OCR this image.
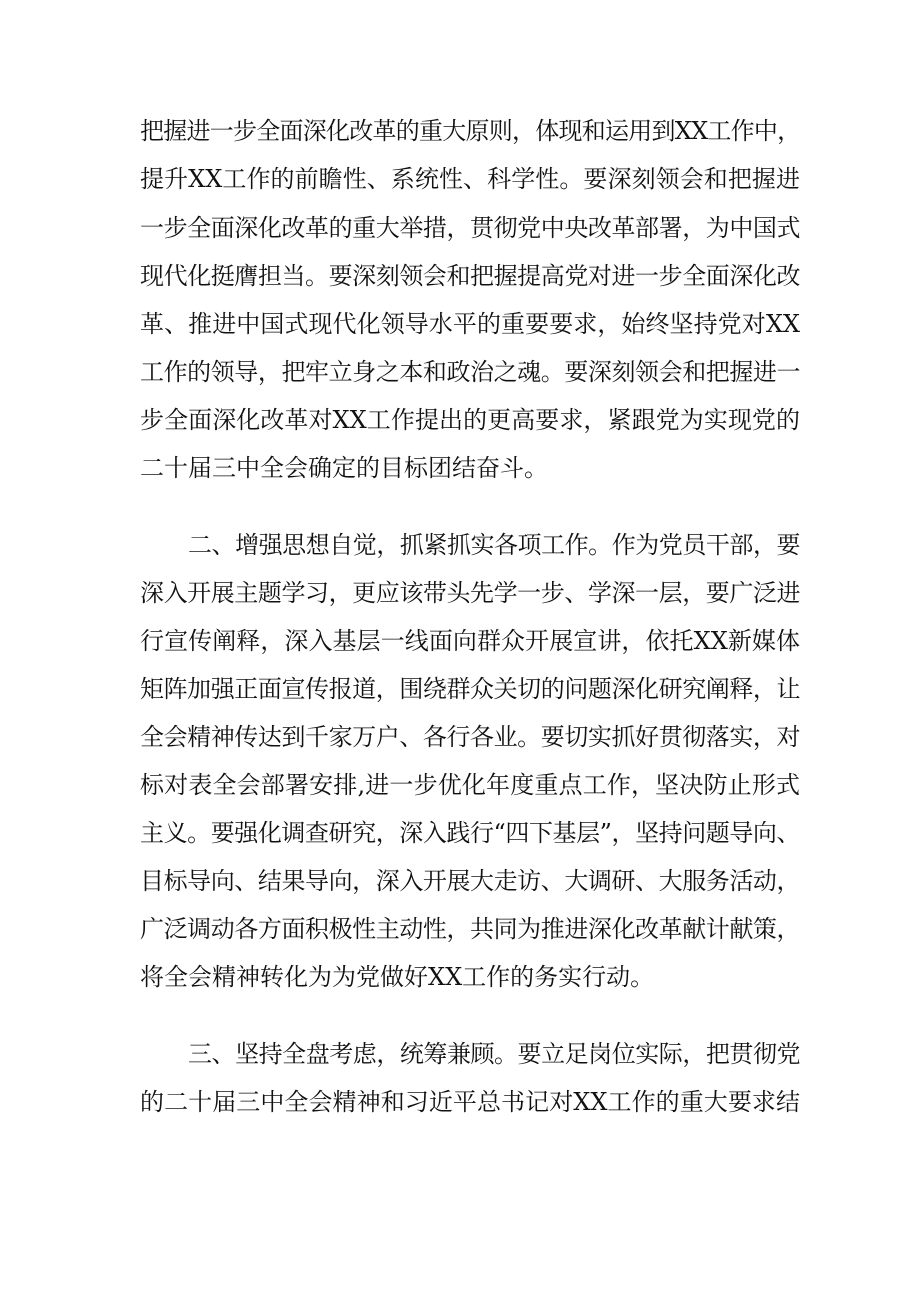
把握进一步全面深化改革的重大原则，体现和运用到XX工作中，
提升XX工作的前瞻性、系统性、科学性。要深刻领会和把握进
一步全面深化改革的重大举措，贯彻党中央改革部署，为中国式
现代化挺膺担当。要深刻领会和把握提高党对进一步全面深化改
革、推进中国式现代化领导水平的重要要求，始终坚持党对XX
工作的领导，把牢立身之本和政治之魂。要深刻领会和把握进一
步全面深化改革对XX工作提出的更高要求，紧跟党为实现党的
二十届三中全会确定的目标团结奋斗。
二、增强思想自觉，抓紧抓实各项工作。作为党员干部，要
深入开展主题学习，更应该带头先学一步、学深一层，要广泛进
行宣传阐释，深入基层一线面向群众开展宣讲，依托XX新媒体
矩阵加强正面宣传报道，围绕群众关切的问题深化研究阐释，让
全会精神传达到千家万户、各行各业。要切实抓好贯彻落实，对
标对表全会部署安排,进一步优化年度重点工作，坚决防止形式
主义。要强化调查研究，深入践行“四下基层”，坚持问题导向、
目标导向、结果导向，深入开展大走访、大调研、大服务活动，
广泛调动各方面积极性主动性，共同为推进深化改革献计献策，
将全会精神转化为为党做好XX工作的务实行动。
三、坚持全盘考虑，统筹兼顾。要立足岗位实际，把贯彻党
的二十届三中全会精神和习近平总书记对XX工作的重大要求结
